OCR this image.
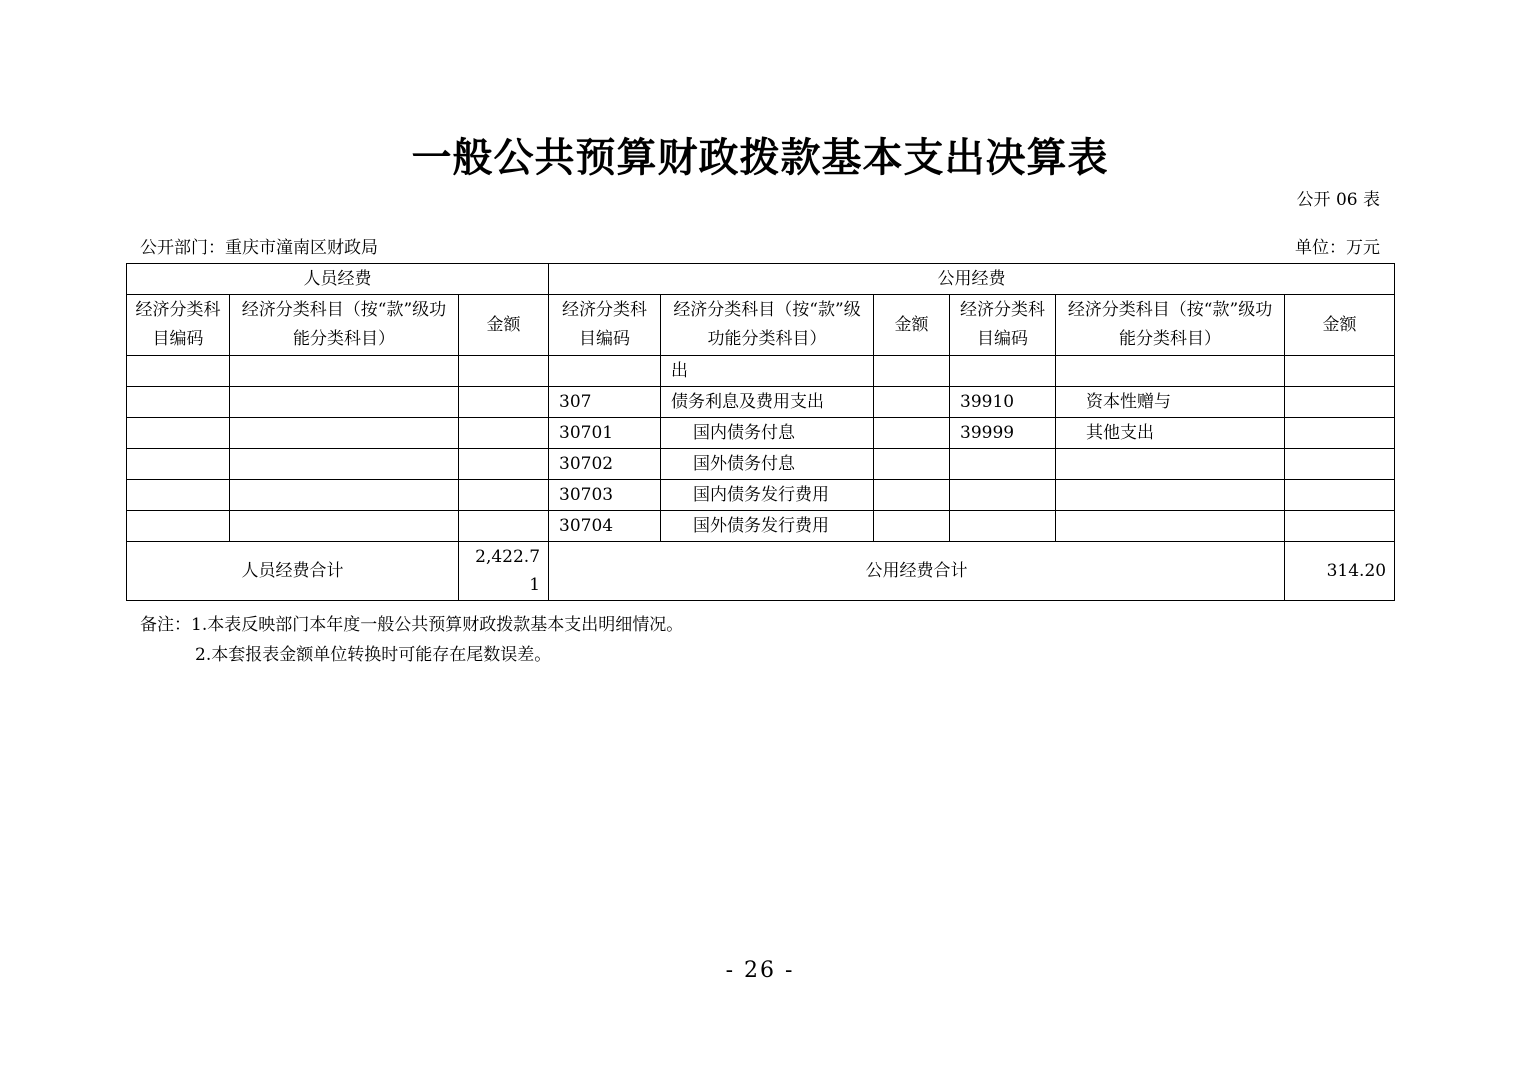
一般公共预算财政拨款基本支出决算表
公开 06 表
公开部门：重庆市潼南区财政局	单位：万元
人员经费			公用经费					
经济分类科目编码	经济分类科目（按“款”级功能分类科目）	金额	经济分类科目编码	经济分类科目（按“款”级功能分类科目）	金额	经济分类科目编码	经济分类科目（按“款”级功能分类科目）	金额
				出				
			307	债务利息及费用支出		39910	资本性赠与	
			30701	国内债务付息		39999	其他支出	
			30702	国外债务付息				
			30703	国内债务发行费用				
			30704	国外债务发行费用				
人员经费合计		2,422.71	公用经费合计					314.20
备注：1.本表反映部门本年度一般公共预算财政拨款基本支出明细情况。
2.本套报表金额单位转换时可能存在尾数误差。
- 26 -
